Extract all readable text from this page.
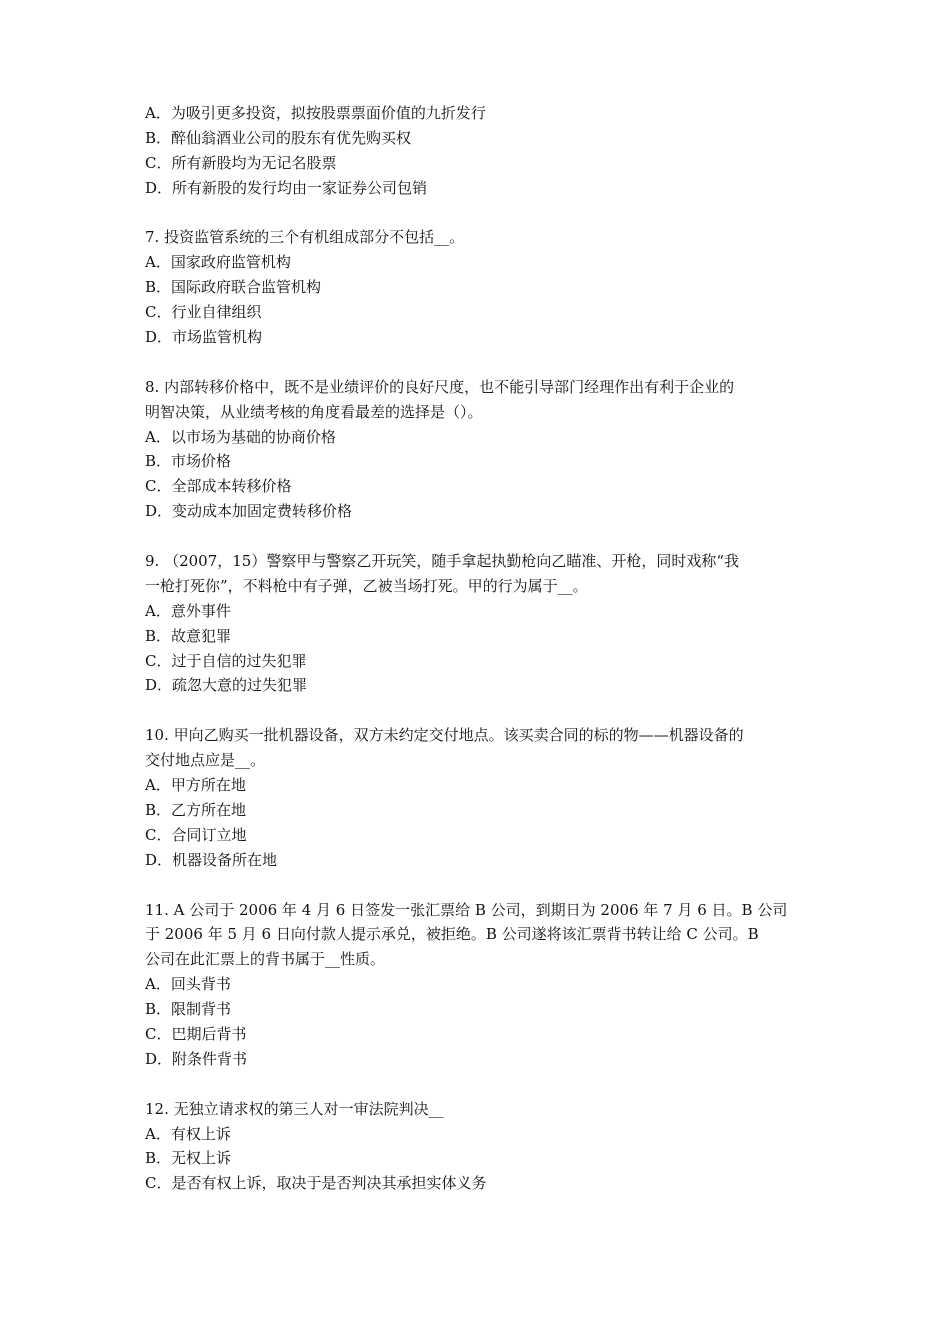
A．为吸引更多投资，拟按股票票面价值的九折发行
B．醉仙翁酒业公司的股东有优先购买权
C．所有新股均为无记名股票
D．所有新股的发行均由一家证券公司包销
7. 投资监管系统的三个有机组成部分不包括__。
A．国家政府监管机构
B．国际政府联合监管机构
C．行业自律组织
D．市场监管机构
8. 内部转移价格中，既不是业绩评价的良好尺度，也不能引导部门经理作出有利于企业的
明智决策，从业绩考核的角度看最差的选择是（）。
A．以市场为基础的协商价格
B．市场价格
C．全部成本转移价格
D．变动成本加固定费转移价格
9. （2007，15）警察甲与警察乙开玩笑，随手拿起执勤枪向乙瞄准、开枪，同时戏称“我
一枪打死你”，不料枪中有子弹，乙被当场打死。甲的行为属于__。
A．意外事件
B．故意犯罪
C．过于自信的过失犯罪
D．疏忽大意的过失犯罪
10. 甲向乙购买一批机器设备，双方未约定交付地点。该买卖合同的标的物——机器设备的
交付地点应是__。
A．甲方所在地
B．乙方所在地
C．合同订立地
D．机器设备所在地
11. A 公司于 2006 年 4 月 6 日签发一张汇票给 B 公司，到期日为 2006 年 7 月 6 日。B 公司
于 2006 年 5 月 6 日向付款人提示承兑，被拒绝。B 公司遂将该汇票背书转让给 C 公司。B
公司在此汇票上的背书属于__性质。
A．回头背书
B．限制背书
C．巴期后背书
D．附条件背书
12. 无独立请求权的第三人对一审法院判决__
A．有权上诉
B．无权上诉
C．是否有权上诉，取决于是否判决其承担实体义务
